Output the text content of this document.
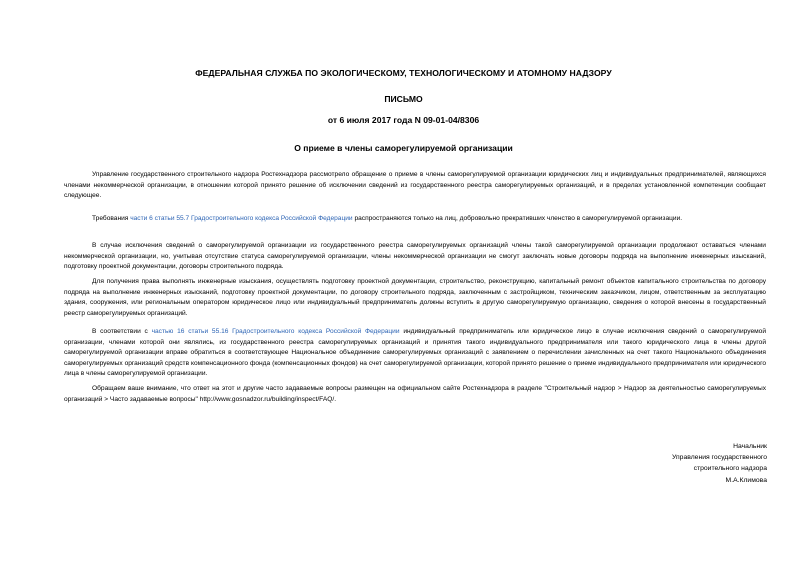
ФЕДЕРАЛЬНАЯ СЛУЖБА ПО ЭКОЛОГИЧЕСКОМУ, ТЕХНОЛОГИЧЕСКОМУ И АТОМНОМУ НАДЗОРУ
ПИСЬМО
от 6 июля 2017 года N 09-01-04/8306
О приеме в члены саморегулируемой организации

Управление государственного строительного надзора Ростехнадзора рассмотрело обращение о приеме в члены саморегулируемой организации юридических лиц и индивидуальных предпринимателей, являющихся членами некоммерческой организации, в отношении которой принято решение об исключении сведений из государственного реестра саморегулируемых организаций, и в пределах установленной компетенции сообщает следующее.

Требования части 6 статьи 55.7 Градостроительного кодекса Российской Федерации распространяются только на лиц, добровольно прекративших членство в саморегулируемой организации.

В случае исключения сведений о саморегулируемой организации из государственного реестра саморегулируемых организаций члены такой саморегулируемой организации продолжают оставаться членами некоммерческой организации, но, учитывая отсутствие статуса саморегулируемой организации, члены некоммерческой организации не смогут заключать новые договоры подряда на выполнение инженерных изысканий, подготовку проектной документации, договоры строительного подряда.

Для получения права выполнять инженерные изыскания, осуществлять подготовку проектной документации, строительство, реконструкцию, капитальный ремонт объектов капитального строительства по договору подряда на выполнение инженерных изысканий, подготовку проектной документации, по договору строительного подряда, заключенным с застройщиком, техническим заказчиком, лицом, ответственным за эксплуатацию здания, сооружения, или региональным оператором юридическое лицо или индивидуальный предприниматель должны вступить в другую саморегулируемую организацию, сведения о которой внесены в государственный реестр саморегулируемых организаций.

В соответствии с частью 16 статьи 55.16 Градостроительного кодекса Российской Федерации индивидуальный предприниматель или юридическое лицо в случае исключения сведений о саморегулируемой организации, членами которой они являлись, из государственного реестра саморегулируемых организаций и принятия такого индивидуального предпринимателя или такого юридического лица в члены другой саморегулируемой организации вправе обратиться в соответствующее Национальное объединение саморегулируемых организаций с заявлением о перечислении зачисленных на счет такого Национального объединения саморегулируемых организаций средств компенсационного фонда (компенсационных фондов) на счет саморегулируемой организации, которой принято решение о приеме индивидуального предпринимателя или юридического лица в члены саморегулируемой организации.

Обращаем ваше внимание, что ответ на этот и другие часто задаваемые вопросы размещен на официальном сайте Ростехнадзора в разделе "Строительный надзор > Надзор за деятельностью саморегулируемых организаций > Часто задаваемые вопросы" http://www.gosnadzor.ru/building/inspect/FAQ/.

Начальник
Управления государственного
строительного надзора
М.А.Климова
